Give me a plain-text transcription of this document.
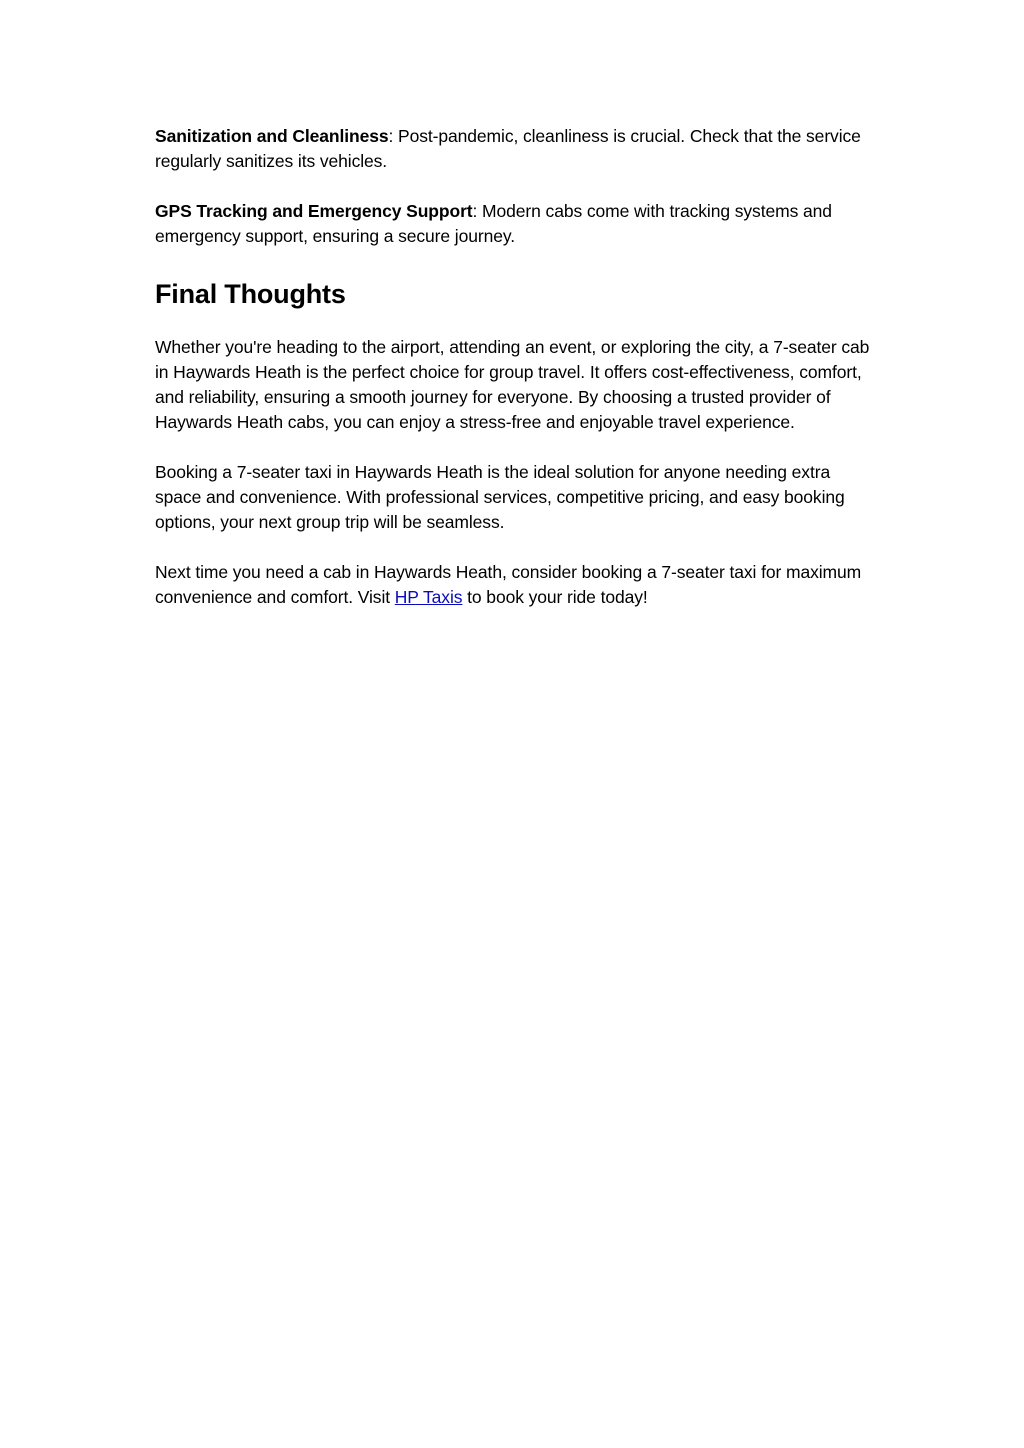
Sanitization and Cleanliness: Post-pandemic, cleanliness is crucial. Check that the service regularly sanitizes its vehicles.

GPS Tracking and Emergency Support: Modern cabs come with tracking systems and emergency support, ensuring a secure journey.

Final Thoughts

Whether you're heading to the airport, attending an event, or exploring the city, a 7-seater cab in Haywards Heath is the perfect choice for group travel. It offers cost-effectiveness, comfort, and reliability, ensuring a smooth journey for everyone. By choosing a trusted provider of Haywards Heath cabs, you can enjoy a stress-free and enjoyable travel experience.

Booking a 7-seater taxi in Haywards Heath is the ideal solution for anyone needing extra space and convenience. With professional services, competitive pricing, and easy booking options, your next group trip will be seamless.

Next time you need a cab in Haywards Heath, consider booking a 7-seater taxi for maximum convenience and comfort. Visit HP Taxis to book your ride today!
